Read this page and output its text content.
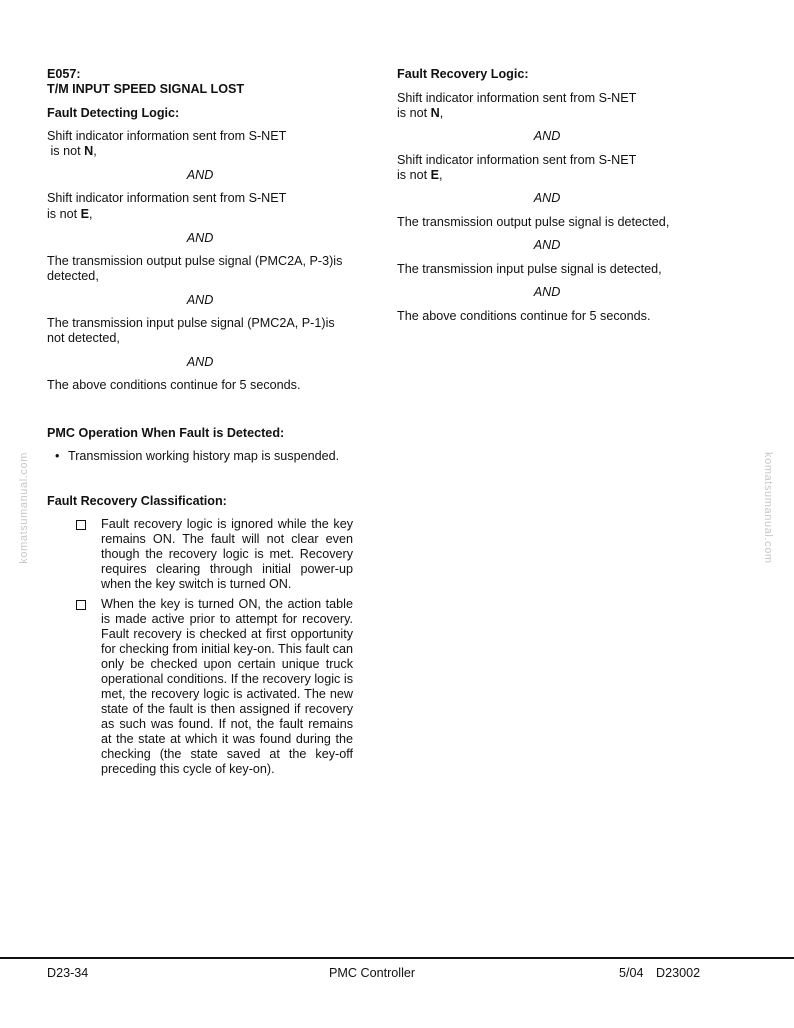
komatsumanual.com	komatsumanual.com
E057:
T/M INPUT SPEED SIGNAL LOST
Fault Detecting Logic:
Shift indicator information sent from S-NET
is not N,
AND
Shift indicator information sent from S-NET
is not E,
AND
The transmission output pulse signal (PMC2A, P-3)is
detected,
AND
The transmission input pulse signal (PMC2A, P-1)is
not detected,
AND
The above conditions continue for 5 seconds.
PMC Operation When Fault is Detected:
• Transmission working history map is suspended.
Fault Recovery Classification:
Fault recovery logic is ignored while the key remains ON. The fault will not clear even though the recovery logic is met. Recovery requires clearing through initial power-up when the key switch is turned ON.
When the key is turned ON, the action table is made active prior to attempt for recovery. Fault recovery is checked at first opportunity for checking from initial key-on. This fault can only be checked upon certain unique truck operational conditions. If the recovery logic is met, the recovery logic is activated. The new state of the fault is then assigned if recovery as such was found. If not, the fault remains at the state at which it was found during the checking (the state saved at the key-off preceding this cycle of key-on).
Fault Recovery Logic:
Shift indicator information sent from S-NET
is not N,
AND
Shift indicator information sent from S-NET
is not E,
AND
The transmission output pulse signal is detected,
AND
The transmission input pulse signal is detected,
AND
The above conditions continue for 5 seconds.
D23-34	PMC Controller	5/04 D23002
